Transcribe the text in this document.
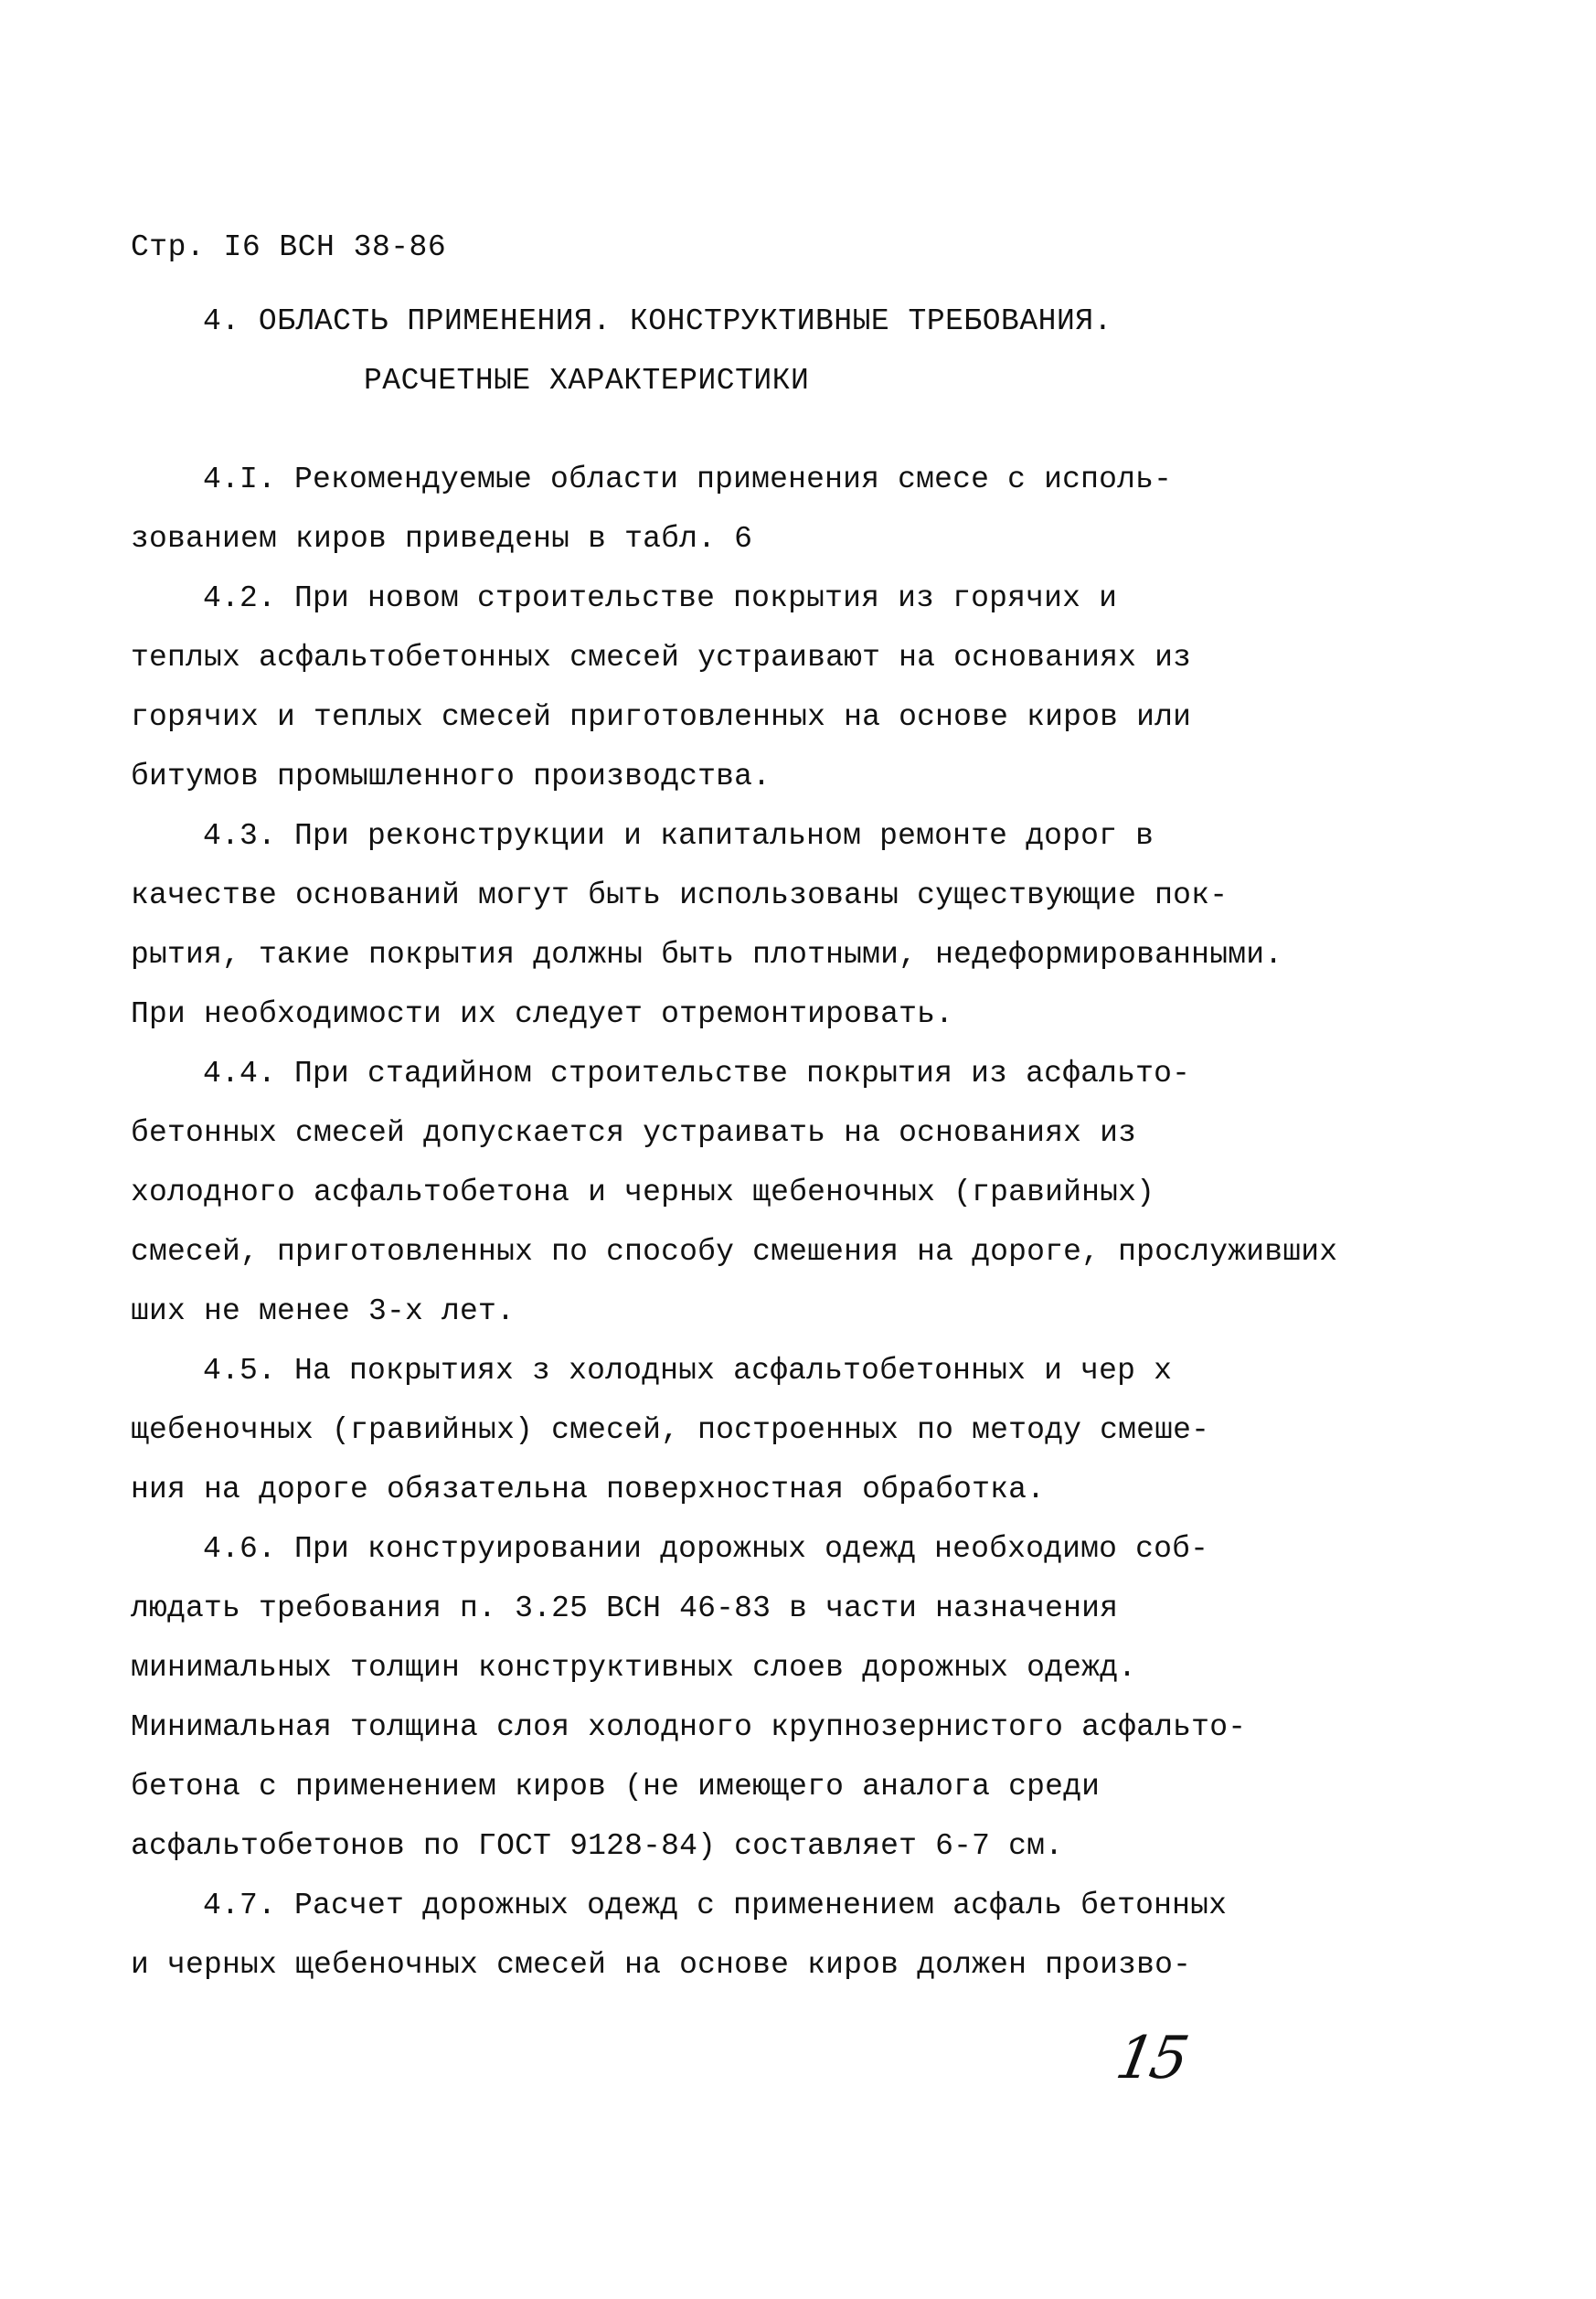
Стр. I6 ВСН 38-86
4. ОБЛАСТЬ ПРИМЕНЕНИЯ. КОНСТРУКТИВНЫЕ ТРЕБОВАНИЯ.
РАСЧЕТНЫЕ ХАРАКТЕРИСТИКИ
4.I. Рекомендуемые области применения смесе с исполь-
зованием киров приведены в табл. 6
4.2. При новом строительстве покрытия из горячих и
теплых асфальтобетонных смесей устраивают на основаниях из
горячих и теплых смесей приготовленных на основе киров или
битумов промышленного производства.
4.3. При реконструкции и капитальном ремонте дорог в
качестве оснований могут быть использованы существующие пок-
рытия, такие покрытия должны быть плотными, недеформированными.
При необходимости их следует отремонтировать.
4.4. При стадийном строительстве покрытия из асфальто-
бетонных смесей допускается устраивать на основаниях из
холодного асфальтобетона и черных щебеночных (гравийных)
смесей, приготовленных по способу смешения на дороге, прослуживших
ших не менее 3-х лет.
4.5. На покрытиях з холодных асфальтобетонных и чер х
щебеночных (гравийных) смесей, построенных по методу смеше-
ния на дороге обязательна поверхностная обработка.
4.6. При конструировании дорожных одежд необходимо соб-
людать требования п. 3.25 ВСН 46-83 в части назначения
минимальных толщин конструктивных слоев дорожных одежд.
Минимальная толщина слоя холодного крупнозернистого асфальто-
бетона с применением киров (не имеющего аналога среди
асфальтобетонов по ГОСТ 9128-84) составляет 6-7 см.
4.7. Расчет дорожных одежд с применением асфаль бетонных
и черных щебеночных смесей на основе киров должен произво-
15
